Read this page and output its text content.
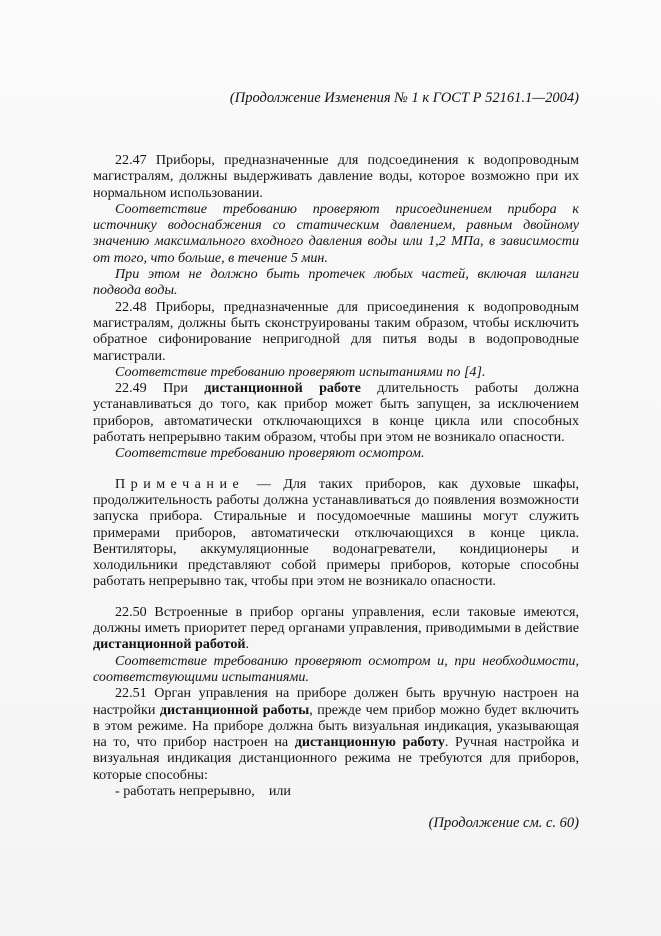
(Продолжение Изменения № 1 к ГОСТ Р 52161.1—2004)

22.47 Приборы, предназначенные для подсоединения к водопроводным магистралям, должны выдерживать давление воды, которое возможно при их нормальном использовании.

Соответствие требованию проверяют присоединением прибора к источнику водоснабжения со статическим давлением, равным двойному значению максимального входного давления воды или 1,2 МПа, в зависимости от того, что больше, в течение 5 мин.

При этом не должно быть протечек любых частей, включая шланги подвода воды.

22.48 Приборы, предназначенные для присоединения к водопроводным магистралям, должны быть сконструированы таким образом, чтобы исключить обратное сифонирование непригодной для питья воды в водопроводные магистрали.

Соответствие требованию проверяют испытаниями по [4].

22.49 При дистанционной работе длительность работы должна устанавливаться до того, как прибор может быть запущен, за исключением приборов, автоматически отключающихся в конце цикла или способных работать непрерывно таким образом, чтобы при этом не возникало опасности.

Соответствие требованию проверяют осмотром.

Примечание — Для таких приборов, как духовые шкафы, продолжительность работы должна устанавливаться до появления возможности запуска прибора. Стиральные и посудомоечные машины могут служить примерами приборов, автоматически отключающихся в конце цикла. Вентиляторы, аккумуляционные водонагреватели, кондиционеры и холодильники представляют собой примеры приборов, которые способны работать непрерывно так, чтобы при этом не возникало опасности.

22.50 Встроенные в прибор органы управления, если таковые имеются, должны иметь приоритет перед органами управления, приводимыми в действие дистанционной работой.

Соответствие требованию проверяют осмотром и, при необходимости, соответствующими испытаниями.

22.51 Орган управления на приборе должен быть вручную настроен на настройки дистанционной работы, прежде чем прибор можно будет включить в этом режиме. На приборе должна быть визуальная индикация, указывающая на то, что прибор настроен на дистанционную работу. Ручная настройка и визуальная индикация дистанционного режима не требуются для приборов, которые способны:

- работать непрерывно, или

(Продолжение см. с. 60)
